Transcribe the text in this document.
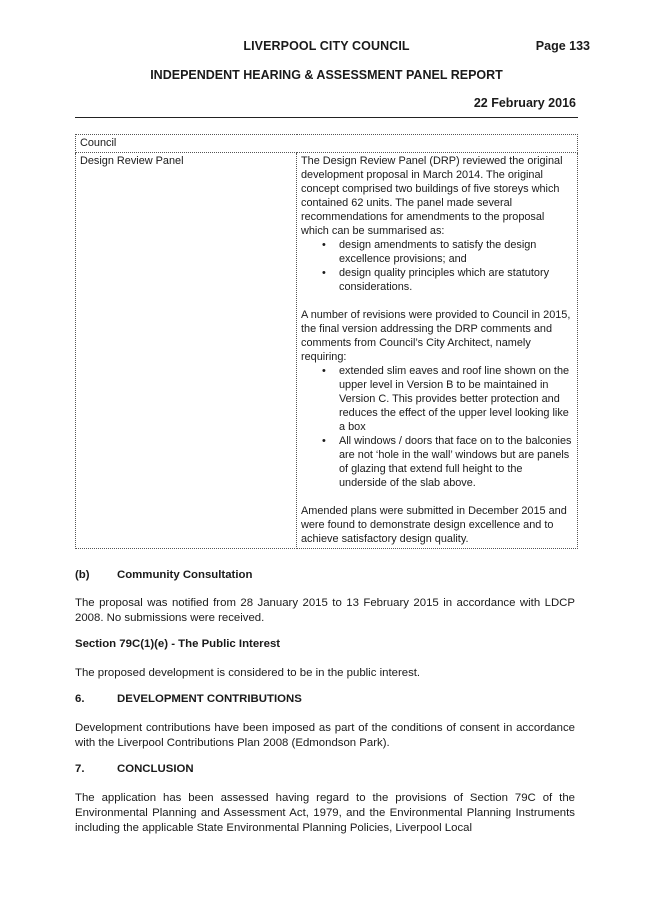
LIVERPOOL CITY COUNCIL	Page 133
INDEPENDENT HEARING & ASSESSMENT PANEL REPORT
22 February 2016
Council
Design Review Panel	The Design Review Panel (DRP) reviewed the original development proposal in March 2014. The original concept comprised two buildings of five storeys which contained 62 units. The panel made several recommendations for amendments to the proposal which can be summarised as:

• design amendments to satisfy the design excellence provisions; and
• design quality principles which are statutory considerations.

A number of revisions were provided to Council in 2015, the final version addressing the DRP comments and comments from Council’s City Architect, namely requiring:

• extended slim eaves and roof line shown on the upper level in Version B to be maintained in Version C. This provides better protection and reduces the effect of the upper level looking like a box
• All windows / doors that face on to the balconies are not ‘hole in the wall’ windows but are panels of glazing that extend full height to the underside of the slab above.

Amended plans were submitted in December 2015 and were found to demonstrate design excellence and to achieve satisfactory design quality.

(b) Community Consultation

The proposal was notified from 28 January 2015 to 13 February 2015 in accordance with LDCP 2008. No submissions were received.

Section 79C(1)(e) - The Public Interest

The proposed development is considered to be in the public interest.

6.	DEVELOPMENT CONTRIBUTIONS

Development contributions have been imposed as part of the conditions of consent in accordance with the Liverpool Contributions Plan 2008 (Edmondson Park).

7.	CONCLUSION

The application has been assessed having regard to the provisions of Section 79C of the Environmental Planning and Assessment Act, 1979, and the Environmental Planning Instruments including the applicable State Environmental Planning Policies, Liverpool Local
